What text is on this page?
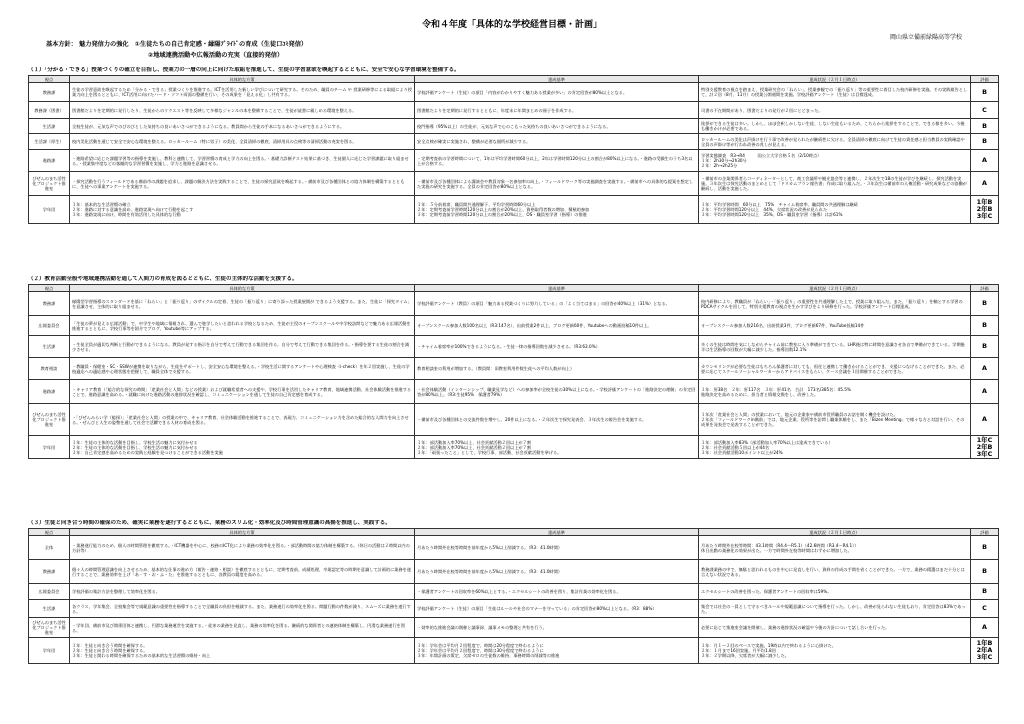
令和４年度「具体的な学校経営目標・計画」
岡山県立備前緑陽高等学校
基本方針： 魅力発信力の強化　①生徒たちの自己肯定感・縁陽ﾌﾞﾗｲﾄﾞの育成（生徒口ｺﾐ発信）
②地域連携活動や広報活動の充実（直接的発信）
（１）「分かる・できる」授業づくりの確立を目指し、授業力の一層の向上に向けた取組を推進して、生徒の学習意欲を喚起するとともに、安全で安心な学習環境を整備する。
視点	具体的な方策	達成基準	達成状況（２月１日時点）	評価
教務課	生徒の学習意欲を喚起するため「分かる・できる」授業づくりを推進する。ICTを活用した新しい学びについて研究する。そのため、職員のチーム や 授業研修等による取組により授業力向上を図るとともに、ICT活用に向けたハード・ソフト両面の整備を行い、その成果を「見える化」し共有する。	学校評価アンケート（生徒）の項目「内容がわかりやすく魅力ある授業が多い」の肯定回答が80%以上となる。	特別支援教育の視点を踏まえ、授業研究会の「ねらい」、授業参観での「振り返り」等の重要性に着目した校内研修を実施。その実践報告として、計２回（8月、11月）の授業公開週間を実施。学校評価アンケート（生徒）は目標達成。	B
教務課（図書）	図書館だよりを定期的に発行したり、生徒からのリクエスト等を反映して多様なジャンルの本を整備することで、生徒が読書に親しめる環境を整える。	図書館だよりを定期的に発行するとともに、年度末に年間まとめの冊子を作成する。	司書の不在期間があり、図書だよりの発行が２回にとどまった。	C
生活課	全校生徒が、元気な声でのびのびとした気持ちの良いあいさつができるようになる。教員間から生徒の手本になるあいさつができるようにする。	校門指導（95%以上）の生徒が、元気な声で心のこもった気持ちの良いあいさつができるようになる。	挨拶ができる生徒は多い。しかし、ほぼ会釈しかしない生徒、しない生徒もいるため、こちらから挨拶をすることで、できる様を多い。今後も働きかけが必要である。	B
生活課（厚生）	校内美化活動を通じて安全で安心な環境を整える。ロッカールーム（特に男子）の美化、全員清掃の徹底、清掃用具の点検等の清掃活動の充実を図る。	安全点検が確実に実施され、整備が必要な個所が減少する。	ロッカールームの美化は声掛けを行う事で改善が見られたが継続性に欠ける。全員清掃の徹底に向けて生徒の責任感と担当教員の実践確認や全員の声掛け等が行われ改善の兆しが見える。	B
進路課	・進路希望に応じた課題学習等の指導を実施し、教科と連携して、学習習慣の育成と学力の向上を図る。・基礎力診断テスト結果に基づき、生徒個人に応じた学習課題に取り組ませる。・授業集中度などの客観的な学習習慣を実施し、学力と進路を意識させる。	・定期考査前の学習時間について、1年は平均学習時間60分以上、2年は学習時間120分以上の割合が80%以上になる。・進路の受験生のうち3名以上が合格する。	学習実態調査　R3→R4　　　国公立大学合格５名（2/10時点）
１年：2h30分→2h30分
２年：2h→2h25分	A
びぜんのまち活性化プロジェクト推進室	・探究活動を行うフィールドである備前市の課題を追求し、課題の解決方法を実践することで、生徒の探究意欲を喚起する。・備前市及び各種団体との協力体制を構築するとともに、生徒への事業アンケートを実施する。	・備前市及び各種団体による講演会や教員対象一名参加率の向上。・フィールドワーク等の実施調査を実施する。・備前市への具体的な提案を想定した実施の研究を実施する。全員の肯定回答が80%以上となる。	・備前市の企業関係者らコーディネーターとして、商工会議所や観光協会等と連携し、２年次生で18の生徒が学びを継続し、探究活動を実施。３年次生は探究活動のまとめとして「ドリカムプラン報告書」作成に取り組んだ。・３年次生は備前市の人権活動・研究成果などの協働が継続し、活動を実施した。	A
学年団	１年：基本的な生活習慣の確立
２年：進路に対する意識を高め、進路実現へ向けて行動を起こす
３年：進路実現に向け、時間を有効活用した具体的な行動	１年：５分前着席、職員間共通理解下、平均学習時間60分以上
２年：定期考査前学習時間120分以上の割合が20%以上、資格取得者数の増加、積極的参加
３年：定期考査前学習時間120分以上の割合が20%以上、OS・職員室学習（指導）の推進	１年：平均学習時間　60分以上　75%　チャイム着席率、職員間の共通理解は継続
２年：平均学習時間120分以上　44%、欠席状況の改善が見られた
３年：平均学習時間120分以上　35%、OS・職員室学習（指導）は計61%	1年B
2年B
3年C
（２）教育活動全般や地域連携活動を通して人間力の育成を図るとともに、生徒の主体的な活動を支援する。
視点	具体的な方策	達成基準	達成状況（２月１日時点）	評価
教務課	縁陽型学習指導のスタンダードを基に「ねらい」と「振り返り」のサイクルの定着、生徒の「振り返り」に寄り添った授業展開が できるよう支援する。また、生徒に「探究タイム」を意識させ、主体的に取り組ませる。	学校評価アンケート（教員）の項目「魅力ある授業づくりに努力している」の「よく当てはまる」の回答が40%以上（31%）となる。	校内研修により、教職員が「ねらい」・「振り返り」の重要性を共通理解した上で、授業に取り組んだ。また、「振り返り」を軸とする学習のPDCAサイクルを回して、特別支援教育の視点を生かす学びをより研修を行った。学校評価アンケート目標達成。	B
広報委員会	「生徒の夢が見える広報活動」で、中学生や地域に情報され、選んで進学したいと思われる学校となるため、生徒が主役のオープンスクールや中学校訪問などで魅力ある広報活動を推進するとともに、学校行事等を紹介でブログ、Youtube等にアップする。	オープンスクール参加人数100名以上（R3:147名）、出前授業2件以上、ブログ更新60件、Youtubeへの動画投稿10件以上。	オープンスクール参加人数216名、出前授業3件、ブログ更新67件、YouTube投稿14件	B
生活課	・生徒全員が適切な判断と行動ができるようになる。教員が発する指示を自分で考えて行動できる集団を作る。自分で考えて行動できる集団を作る。・指導を要する生徒の割合を減少させる。	・チャイム着席率が100%できるようになる。・生徒一律の指導回数を減少させる。（R3:63.0%）	多くの生徒は時間を気にしながらチャイム前に教室に入り準備ができている。LHR後は特に時間を意識させ各自で準備ができている。学期後半は生活指導の回数が大幅に減少した。指導回数12.1%	B
教育相談	・教職員・保健室・SC・SSWが連携を取りながら、生徒をサポートし、安全安心な環境を整える。・学校生活に関するアンケートや心理検査（i-check）を年２回実施し、生徒の学校適応への適応感や心理状態を把握して、職員全体で支援する。	教育相談室の利用が増加する。（教員間：旧教室利用件数生徒への平均人数が向上）	カウンセリングが必要な生徒はもちろん保護者に対しても、担任と連携して働きかけることができ、支援につなげることができた。また、必要に応じてスクールソーシャルワーカーからアドバイスをもらい、ケース会議を１回開催することができた。	A
進路課	・キャリア教育（「総合的な探究の時間」「産業社会と人間」などの授業）および就職希望者への支援や、学校行事を活用したキャリア教育、地域連携活動、社会体験活動を推進することで、進路意識を高める。・就職に向けた進路活動の進捗状況を確認し、コミュニケーションを通して生徒の自己肯定感を育成する。	・社会体験活動（インターンシップ、職業見学など）への参加率が全校生徒の30%以上になる。・学校評価アンケートの「進路決定の理解」の肯定回答が80%以上。（R3:生徒95%　保護者79%）	１年：肝38名　２年：肝117名　３年：肝41名　合計　173名/385名：45.5%
進路決定を高めるために、担当者と情報交換をし、改善した。	A
びぜんのまち活性化プロジェクト推進室	・「びぜんみらい学（総探）」「産業社会と人間」の授業の中で、キャリア教育、社会体験活動を推進することで、表現力、コミュニケーション力を含めた総合的な人間力を向上させる。・ぜんびと人生の姿勢を通して社会で活躍できる人材の育成を図る。	・備前市及び各種団体との交流件数を増やし、20件以上になる。・２年次生で探究発表会、３年次生の報告会を実施する。	１年次「産業社会と人間」の授業において、地元の企業家や備前市役所職員のお話を聞く機会を設けた。
２年次「フィールドワークin備前」では、地元企業、役所等を訪問し職業体験をし、また「Bizen Meeting」で様々な方と対話を行い、その成果を発表会で発表することができた。	A
学年団	１年：生徒の主体的な活動を目指し、学校生活の魅力に気付かせる
２年：生徒の主体的な活動を目指し、学校生活の魅力に気付かせる
３年：自己肯定感を高めるための実践と経験を見つけることができる活動を実施	１年：部活動加入率70%以上、社会貢献活動２回以上が７割
２年：部活動加入率70%以上、社会貢献活動２回以上が７割
３年：「頑張ったこと」として、学校行事、部活動、社会貢献活動を挙げる。	１年：部活動加入率83%（部活動加入率70%以上は達成できている）
２年：社会貢献活動５回以上が44名
３年：社会貢献活動10ポイント以上が24%	1年C
2年B
3年C
（３）生徒と向き合う時間の確保のため、確実に業務を遂行するとともに、業務のスリム化・効率化及び時間管理意識の高揚を推進し、実践する。
視点	具体的な方策	達成基準	達成状況（２月１日時点）	評価
全体	・業務遂行能力のため、個人の時間管理を徹底する。・ICT機器を中心に、校務のICT化により業務の効率化を図る。・部活動時間の協力体制を構築する。（休日の活動は２時間以内の方針等）	月あたり時間外在校等時間を前年度から5%以上削減する。（R3：41.0時間）	月あたり時間外在校等時間：43.1時間（R4.4～R5.1）（42.6時間（R3.4～R4.1））
休日出勤の業務化の効果が出た。一方で時間外在校等時間はわずかに増加した。	B
教務課	個々人の時間管理意識を向上させるため、基本的な仕事の進め方（報告・連絡・相談）を徹底するとともに、定期考査前、成績処理、卒業認定等の時期を意識して計画的に業務を遂行することで、業務効率を上げ「あ・す・お・ふ・た」を推進するとともに、各教員の精度を高める。	月あたり時間外在校等時間を前年度から5%以上削減する。（R3：41.0時間）	教務課業務の中で、無駄と思われるものを中心に見直しを行い、資料の作成の手間を省くことができた。一方で、業務の精選はまだ十分とは言えない状況である。	B
広報委員会	学校評価の集計方法を整理して効率化を図る。	・保護者アンケートの回収率を60%以上とする。・エクセルシートの改善を図り、集計作業の効率化を図る。	エクセルシートの改善を図った。保護者アンケートの回収率は59%。	B
生活課	各クラス、学年集会、全校集会等で規範意識の重要性を指導することで全職員の負担を軽減する。また、業務遂行の効率化を図る。問題行動の件数が減り、スムーズに業務を遂行する。	学校評価アンケート（生徒）の項目「生徒はルールや社会のマナーを守っている」の肯定回答が80%以上となる。（R3：88%）	集会では社会の一員として守るべきルールや規範意識について指導を行った。しかし、改善が見られない生徒もおり、肯定回答は83%であった。	C
びぜんのまち活性化プロジェクト推進室	・学年団、備前市及び関係団体と連携し、円滑な業務運営を実施する。・従来の業務を見直し、業務の効率化を図る。継続的な関係者との連絡体制を構築し、円滑な業務遂行を図る。	・効率的な推進会議の開催と議事録、議事メモの整理と共有を行う。	必要に応じて推進室会議を開催し、業務の進捗状況の確認や今後の方針について話し合いを行った。	A
学年団	１年：生徒と向き合う時間を確保する。
２年：生徒と向き合う時間を確保する。
３年：生徒と関わる時間を確保するための基本的な生活習慣の維持・向上	１年：学年会は平均月２回程度で、時間は20分程度で終わるように
２年：学年会は平均月２回程度で、時間は30分程度で終わるように
３年：年間計画の策定、欠席ゼロの生徒数の維持、事務時間の削減等の推進	１年：月１～２回のペースで実施。19時以内で終わるように心掛けた。
２年：１月まで16回実施。月平均1.8回
３年：２学期以降、欠席者が大幅に減少した。	1年B
2年A
3年C
